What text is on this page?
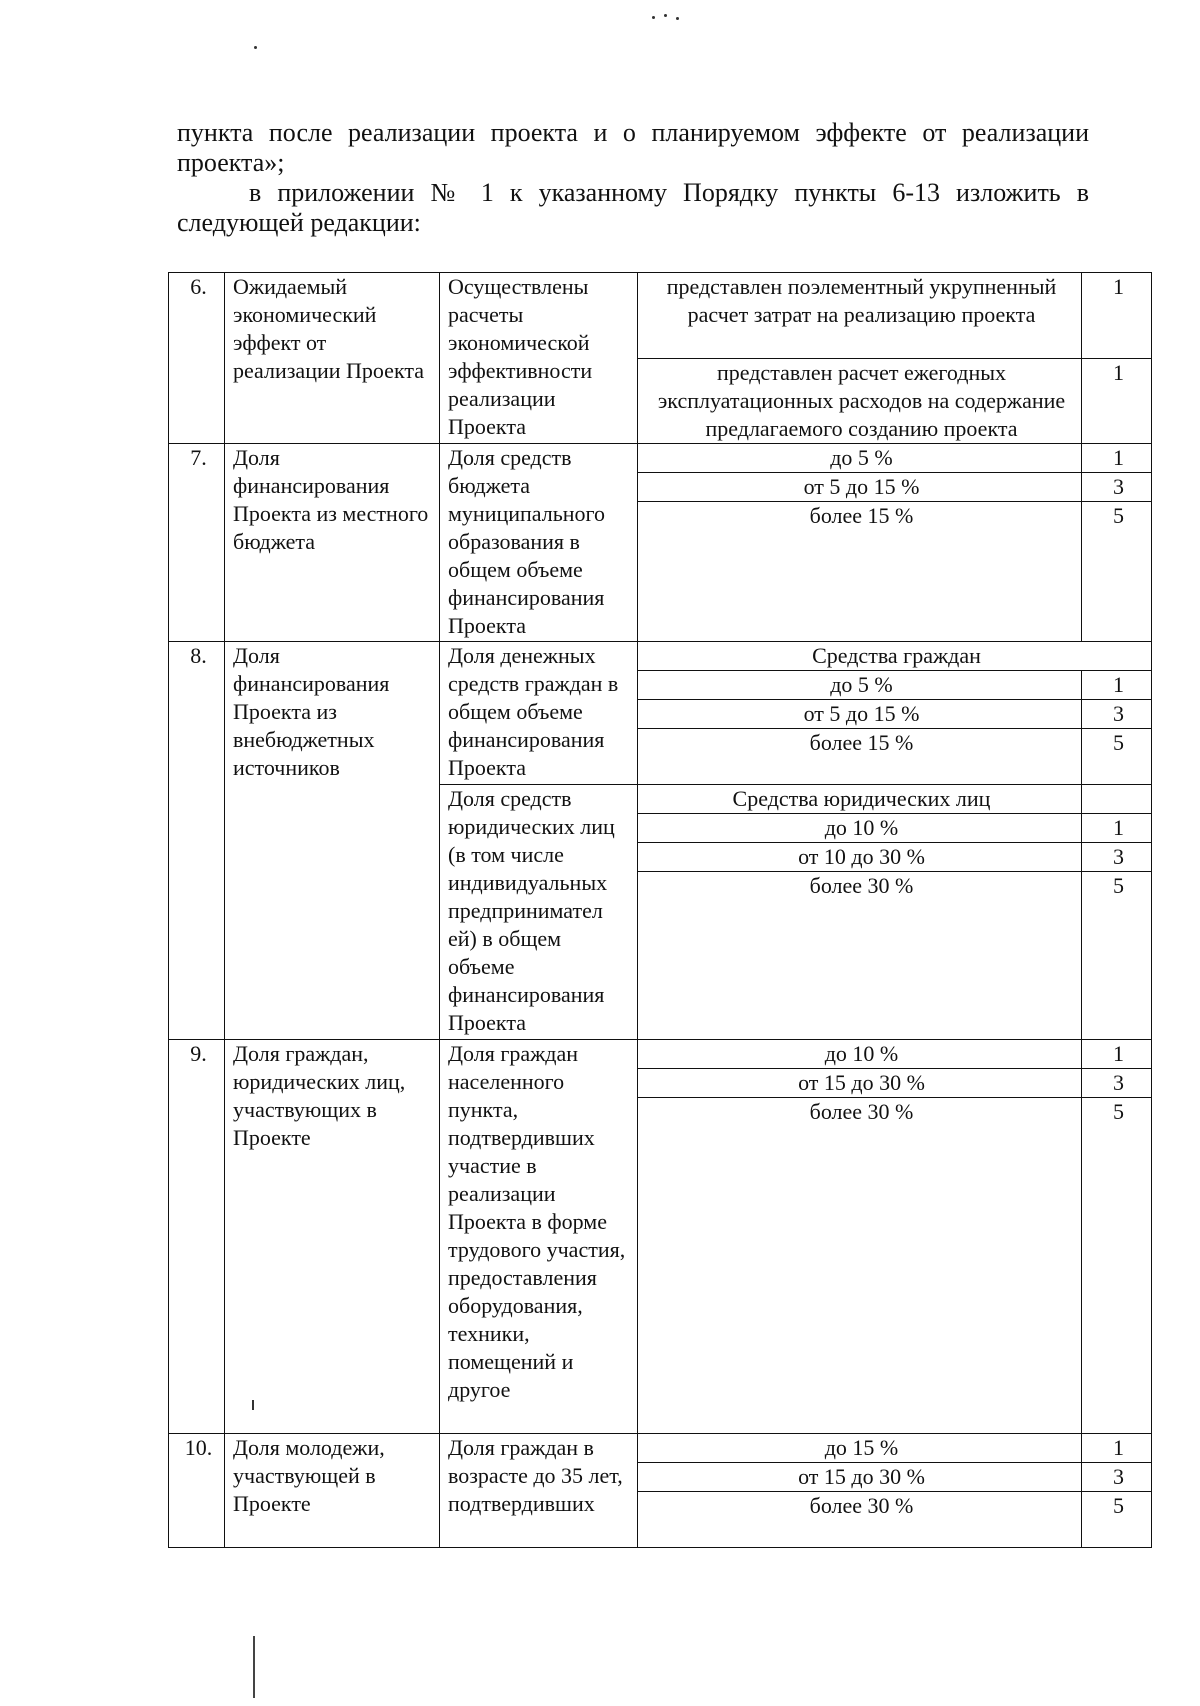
пункта после реализации проекта и о планируемом эффекте от реализации проекта»;

в приложении № 1 к указанному Порядку пункты 6-13 изложить в следующей редакции:

6.	Ожидаемый экономический эффект от реализации Проекта	Осуществлены расчеты экономической эффективности реализации Проекта	представлен поэлементный укрупненный расчет затрат на реализацию проекта	1
			представлен расчет ежегодных эксплуатационных расходов на содержание предлагаемого созданию проекта	1
7.	Доля финансирования Проекта из местного бюджета	Доля средств бюджета муниципального образования в общем объеме финансирования Проекта	до 5 %	1
			от 5 до 15 %	3
			более 15 %	5
8.	Доля финансирования Проекта из внебюджетных источников	Доля денежных средств граждан в общем объеме финансирования Проекта	Средства граждан	
			до 5 %	1
			от 5 до 15 %	3
			более 15 %	5
		Доля средств юридических лиц (в том числе индивидуальных предпринимател ей) в общем объеме финансирования Проекта	Средства юридических лиц	
			до 10 %	1
			от 10 до 30 %	3
			более 30 %	5
9.	Доля граждан, юридических лиц, участвующих в Проекте	Доля граждан населенного пункта, подтвердивших участие в реализации Проекта в форме трудового участия, предоставления оборудования, техники, помещений и другое	до 10 %	1
			от 15 до 30 %	3
			более 30 %	5
10.	Доля молодежи, участвующей в Проекте	Доля граждан в возрасте до 35 лет, подтвердивших	до 15 %	1
			от 15 до 30 %	3
			более 30 %	5
